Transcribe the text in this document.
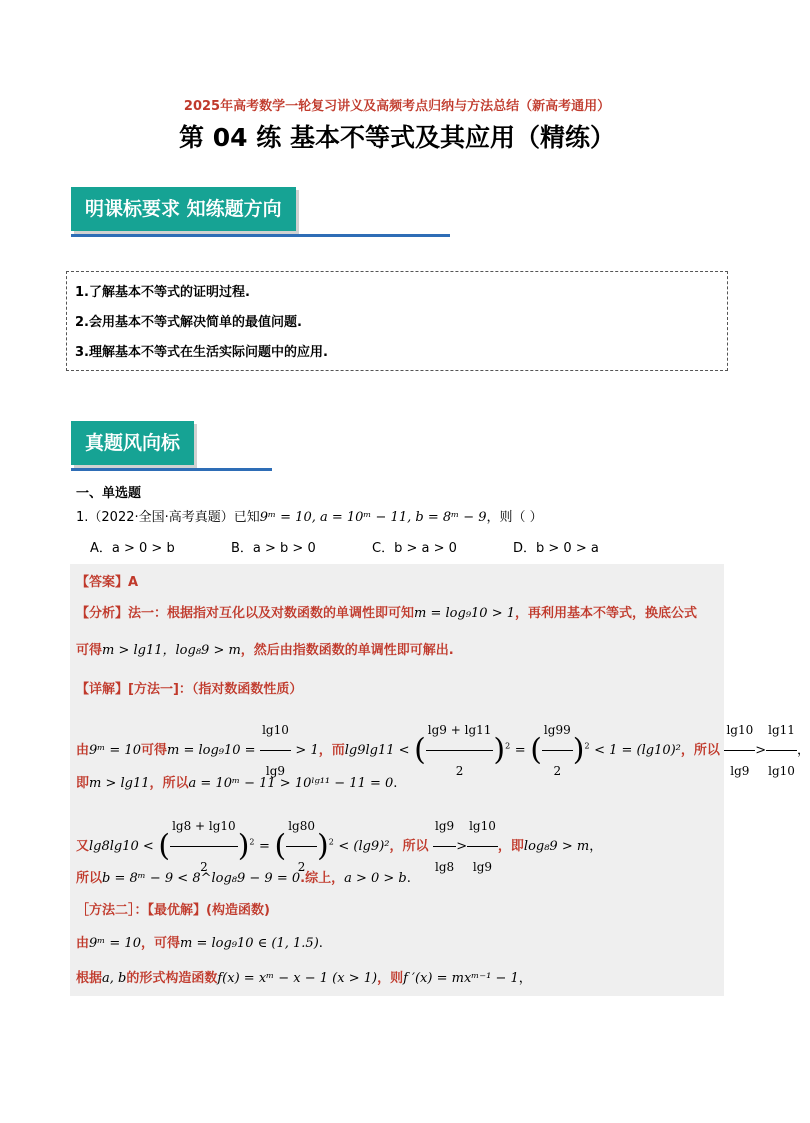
2025年高考数学一轮复习讲义及高频考点归纳与方法总结（新高考通用）
第 04 练 基本不等式及其应用（精练）
明课标要求 知练题方向
1.了解基本不等式的证明过程.
2.会用基本不等式解决简单的最值问题.
3.理解基本不等式在生活实际问题中的应用.
真题风向标
一、单选题
1.（2022·全国·高考真题）已知9ᵐ = 10, a = 10ᵐ − 11, b = 8ᵐ − 9，则（ ）
A．a > 0 > b	B．a > b > 0	C．b > a > 0	D．b > 0 > a
【答案】A
【分析】法一：根据指对互化以及对数函数的单调性即可知m = log₉10 > 1，再利用基本不等式，换底公式
可得m > lg11，log₈9 > m，然后由指数函数的单调性即可解出.
【详解】[方法一]：（指对数函数性质）
由9ᵐ = 10可得$m = \log_910 = \frac{\lg 10}{\lg 9} > 1$，而lg9lg11 < ( $\frac{\lg 9 + \lg 11}{2} )^2$ = ( $\frac{\lg 99}{2} )^2 < 1 = (\lg 10)^2$，所以 $\frac{\lg 10}{\lg 9} > \frac{\lg 11}{\lg 10}$ ，
即m > lg11，所以a = 10ᵐ − 11 > 10ˡᵍ¹¹ − 11 = 0.
又lg8lg10 < ( $\frac{\lg 8 + \lg 10}{2} )^2$ = ( $\frac{\lg 80}{2} )^2 < (\lg 9)^2$，所以 $\frac{\lg 9}{\lg 8} > \frac{\lg 10}{\lg 9}$ ，即log₈9 > m，
所以b = 8ᵐ − 9 < 8^log₈9 − 9 = 0.综上，a > 0 > b.
［方法二］：【最优解】(构造函数)
由9ᵐ = 10，可得m = log₉10 ∈ (1, 1.5).
根据a, b的形式构造函数f(x) = xᵐ − x − 1 (x > 1)，则f ′(x) = mxᵐ⁻¹ − 1，
